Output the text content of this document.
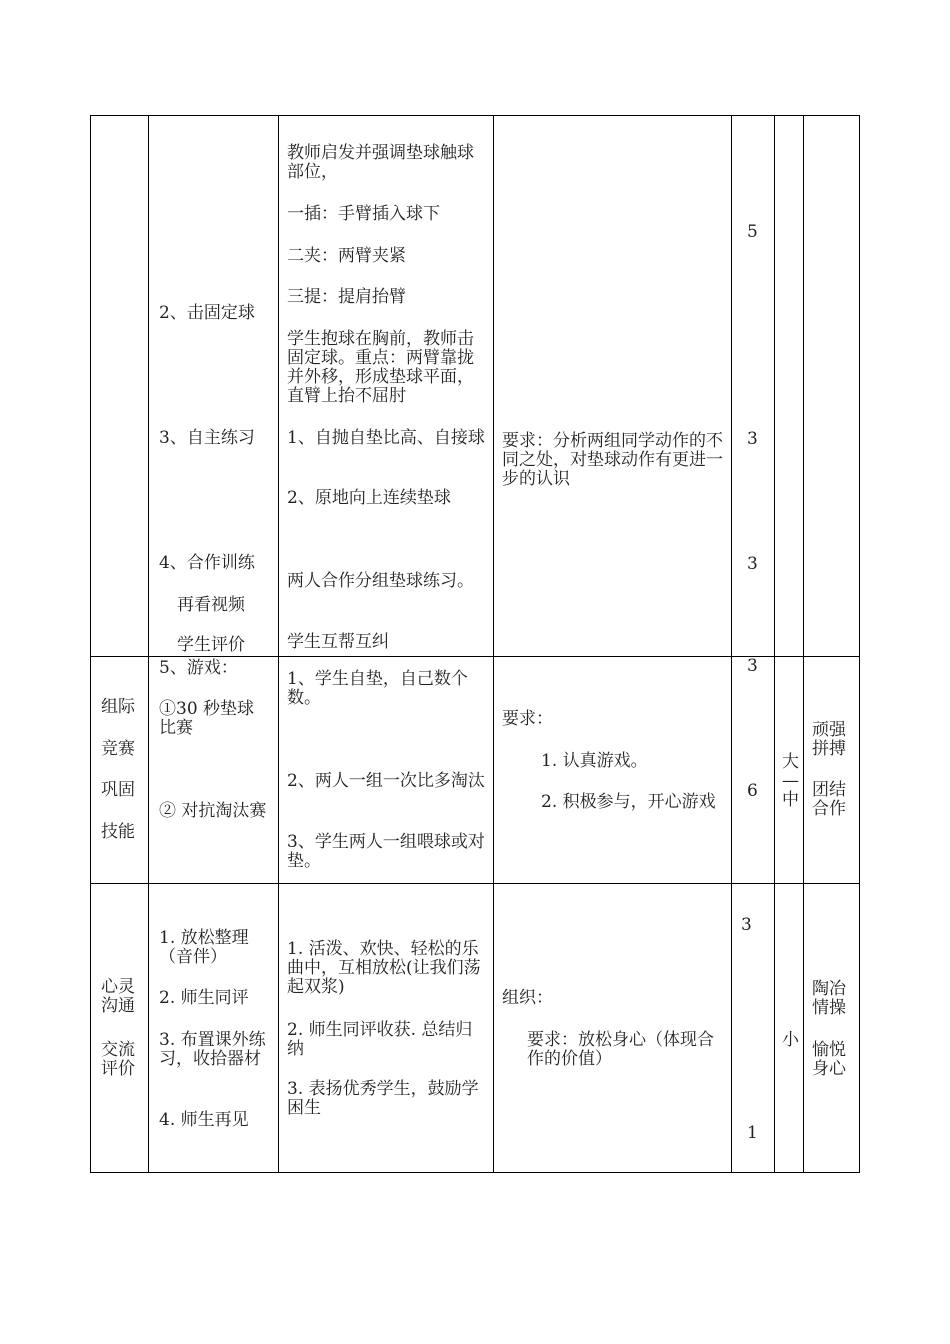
2、击固定球

3、自主练习

4、合作训练

再看视频

学生评价

教师启发并强调垫球触球部位，

一插：手臂插入球下

二夹：两臂夹紧

三提：提肩抬臂

学生抱球在胸前，教师击固定球。重点：两臂靠拢并外移，形成垫球平面，直臂上抬不屈肘

1、自抛自垫比高、自接球

2、原地向上连续垫球

两人合作分组垫球练习。

学生互帮互纠

要求：分析两组同学动作的不同之处，对垫球动作有更进一步的认识

5
3
3

组际

竞赛

巩固

技能

5、游戏：

①30 秒垫球比赛

② 对抗淘汰赛

1、学生自垫，自己数个数。

2、两人一组一次比多淘汰

3、学生两人一组喂球或对垫。

要求：

1. 认真游戏。

2. 积极参与，开心游戏

3
6
大
—
中

顽强拼搏

团结合作

心灵沟通

交流评价

1. 放松整理（音伴）

2. 师生同评

3. 布置课外练习，收拾器材

4. 师生再见

1. 活泼、欢快、轻松的乐曲中，互相放松(让我们荡起双浆)

2. 师生同评收获. 总结归纳

3. 表扬优秀学生，鼓励学困生

组织：

要求：放松身心（体现合作的价值）

3
1
小

陶冶情操

愉悦身心
